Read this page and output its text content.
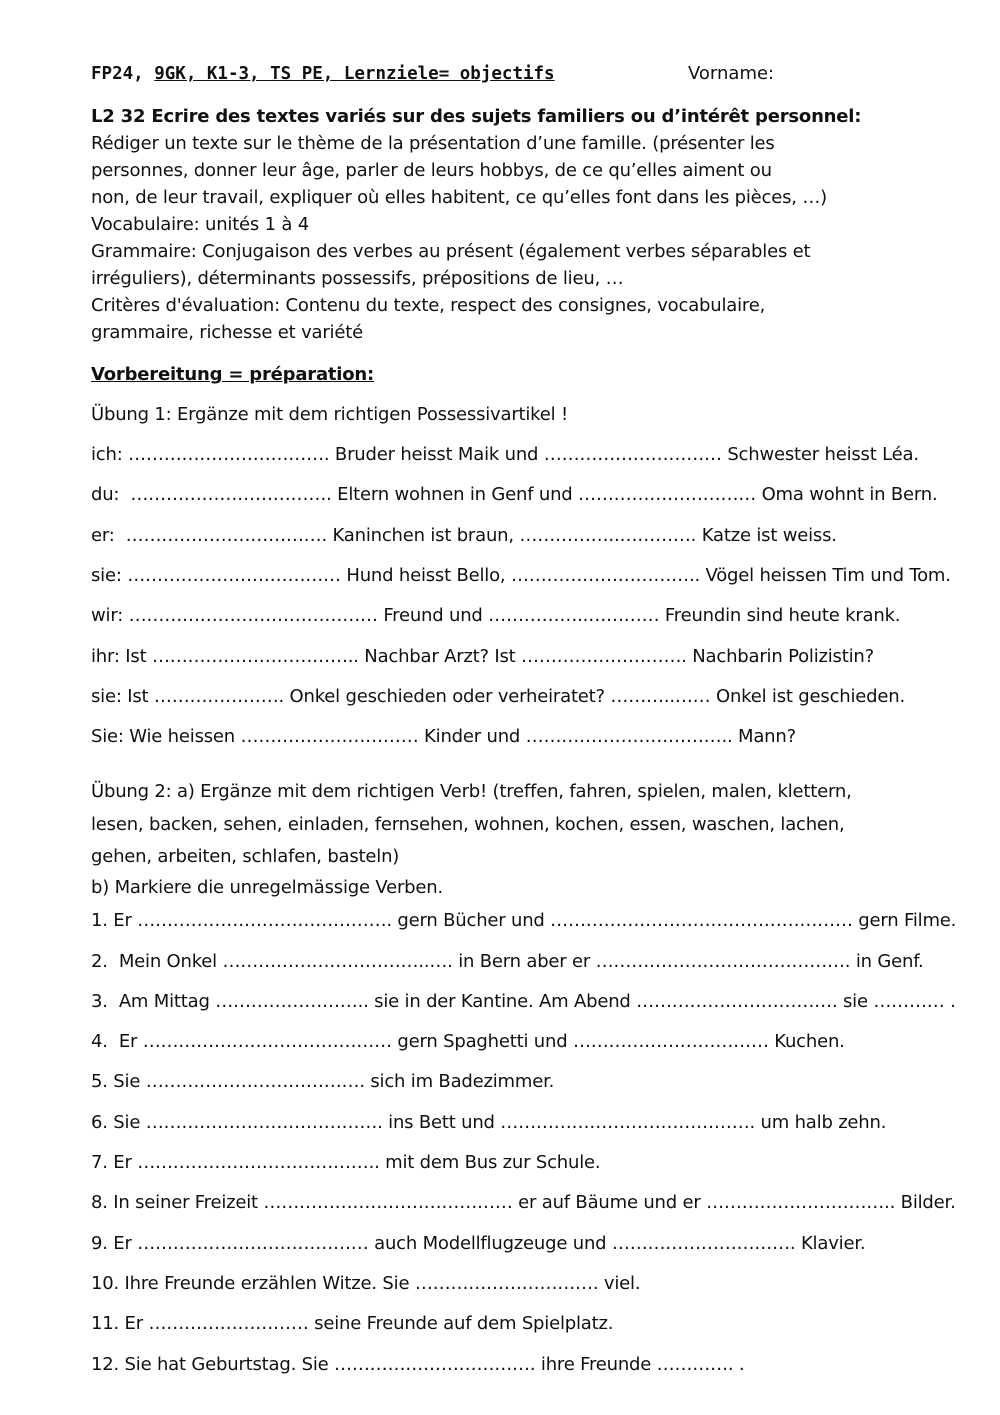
FP24, 9GK, K1-3, TS PE, Lernziele= objectifs	Vorname:
L2 32 Ecrire des textes variés sur des sujets familiers ou d’intérêt personnel:
Rédiger un texte sur le thème de la présentation d’une famille. (présenter les
personnes, donner leur âge, parler de leurs hobbys, de ce qu’elles aiment ou
non, de leur travail, expliquer où elles habitent, ce qu’elles font dans les pièces, …)
Vocabulaire: unités 1 à 4
Grammaire: Conjugaison des verbes au présent (également verbes séparables et
irréguliers), déterminants possessifs, prépositions de lieu, …
Critères d'évaluation: Contenu du texte, respect des consignes, vocabulaire,
grammaire, richesse et variété
Vorbereitung = préparation:
Übung 1: Ergänze mit dem richtigen Possessivartikel !
ich: ……………………………. Bruder heisst Maik und ………………………… Schwester heisst Léa.
du:  ……………………………. Eltern wohnen in Genf und ………………………… Oma wohnt in Bern.
er:  ……………………………. Kaninchen ist braun, ……………..…………. Katze ist weiss.
sie: ……………………………… Hund heisst Bello, ………………………….. Vögel heissen Tim und Tom.
wir: …………………………………… Freund und ……………..………… Freundin sind heute krank.
ihr: Ist …………………………….. Nachbar Arzt? Ist ………………………. Nachbarin Polizistin?
sie: Ist …………………. Onkel geschieden oder verheiratet? ………..…… Onkel ist geschieden.
Sie: Wie heissen ………………………… Kinder und …………………………….. Mann?
Übung 2: a) Ergänze mit dem richtigen Verb! (treffen, fahren, spielen, malen, klettern,
lesen, backen, sehen, einladen, fernsehen, wohnen, kochen, essen, waschen, lachen,
gehen, arbeiten, schlafen, basteln)
b) Markiere die unregelmässige Verben.
1. Er ……………………………………. gern Bücher und …………………………………………… gern Filme.
2.  Mein Onkel ……………………………..…. in Bern aber er ……………………………………. in Genf.
3.  Am Mittag …………………….. sie in der Kantine. Am Abend ……………………………. sie ………… .
4.  Er …………………………………… gern Spaghetti und …………………………… Kuchen.
5. Sie ………………………………. sich im Badezimmer.
6. Sie …………………………………. ins Bett und ……………………………………. um halb zehn.
7. Er ………………………………….. mit dem Bus zur Schule.
8. In seiner Freizeit …………………………………… er auf Bäume und er ………………………….. Bilder.
9. Er ………………………………… auch Modellflugzeuge und …………………………. Klavier.
10. Ihre Freunde erzählen Witze. Sie …………………………. viel.
11. Er ……………………… seine Freunde auf dem Spielplatz.
12. Sie hat Geburtstag. Sie ……………………………. ihre Freunde …………. .
